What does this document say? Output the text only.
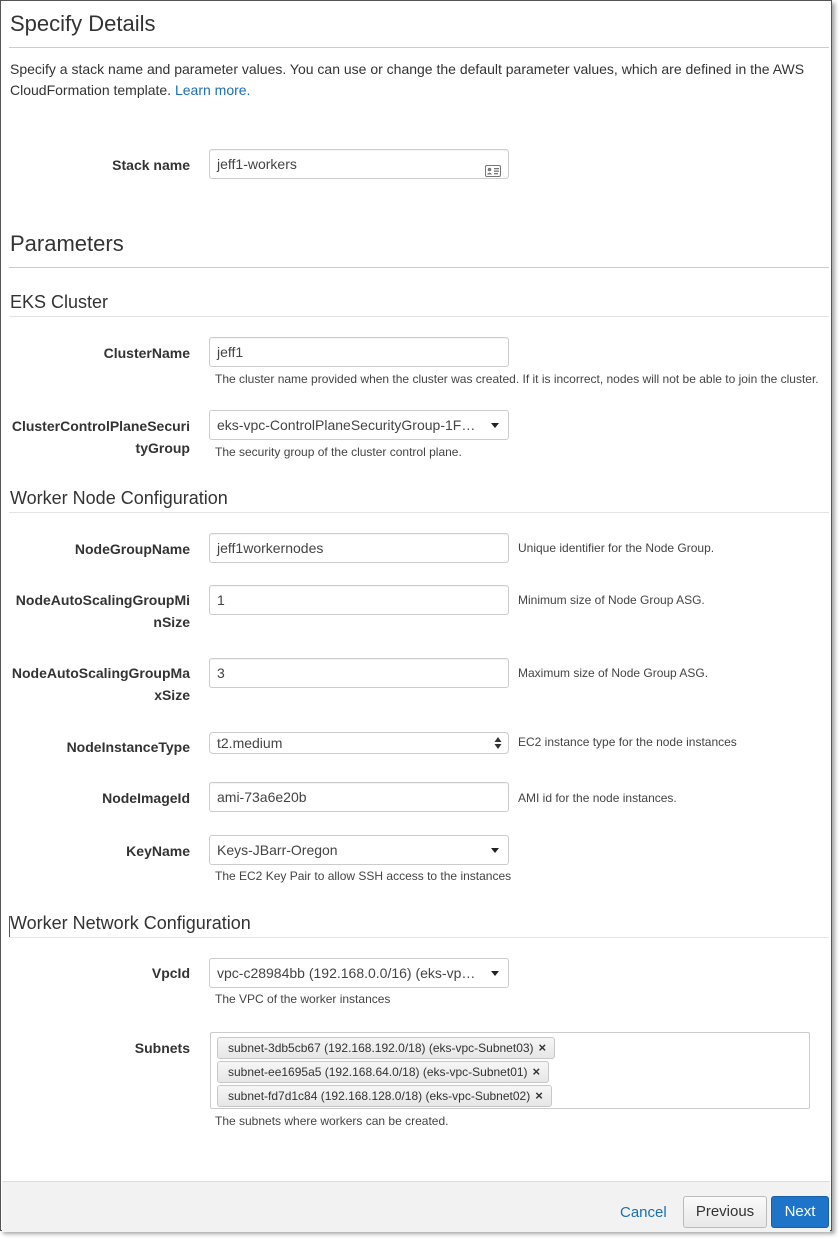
Specify Details
Specify a stack name and parameter values. You can use or change the default parameter values, which are defined in the AWS
CloudFormation template. Learn more.
Stack name	jeff1-workers
Parameters
EKS Cluster
ClusterName	jeff1
The cluster name provided when the cluster was created. If it is incorrect, nodes will not be able to join the cluster.
ClusterControlPlaneSecuri
tyGroup
eks-vpc-ControlPlaneSecurityGroup-1F…
The security group of the cluster control plane.
Worker Node Configuration
NodeGroupName	jeff1workernodes	Unique identifier for the Node Group.
NodeAutoScalingGroupMi
nSize
1	Minimum size of Node Group ASG.
NodeAutoScalingGroupMa
xSize
3	Maximum size of Node Group ASG.
NodeInstanceType	t2.medium	EC2 instance type for the node instances
NodeImageId	ami-73a6e20b	AMI id for the node instances.
KeyName	Keys-JBarr-Oregon
The EC2 Key Pair to allow SSH access to the instances
Worker Network Configuration
VpcId	vpc-c28984bb (192.168.0.0/16) (eks-vp…
The VPC of the worker instances
Subnets	subnet-3db5cb67 (192.168.192.0/18) (eks-vpc-Subnet03) ×
subnet-ee1695a5 (192.168.64.0/18) (eks-vpc-Subnet01) ×
subnet-fd7d1c84 (192.168.128.0/18) (eks-vpc-Subnet02) ×
The subnets where workers can be created.
Cancel	Previous	Next
